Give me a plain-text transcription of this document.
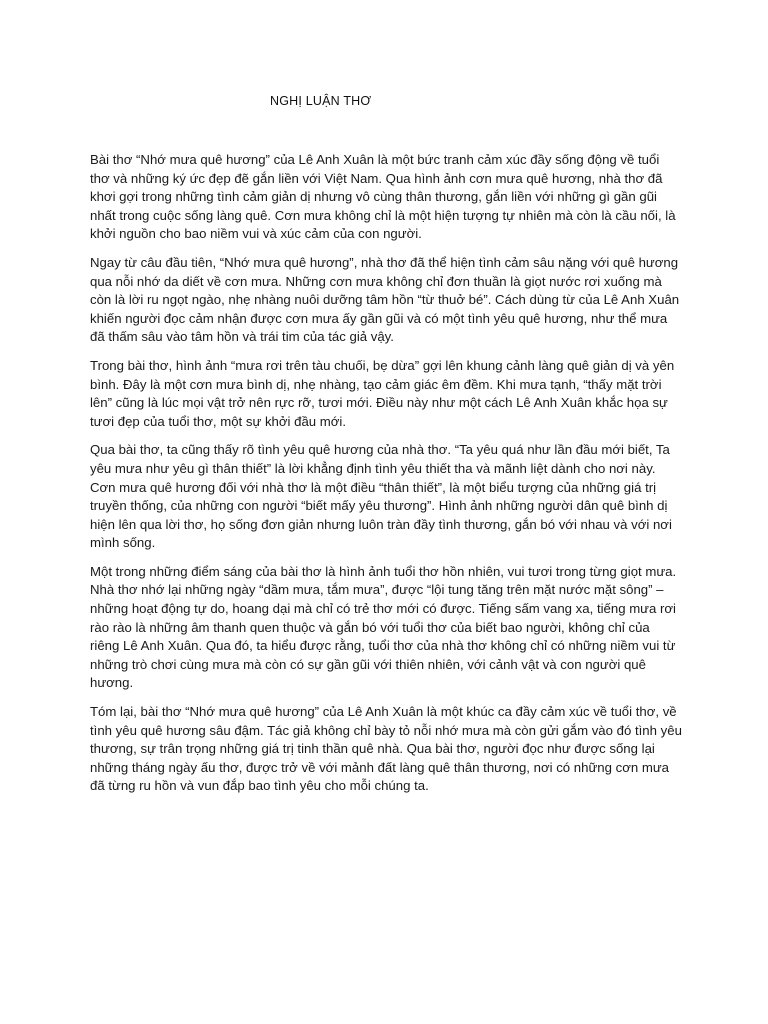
NGHỊ LUẬN THƠ

Bài thơ “Nhớ mưa quê hương” của Lê Anh Xuân là một bức tranh cảm xúc đầy sống động về tuổi thơ và những ký ức đẹp đẽ gắn liền với Việt Nam. Qua hình ảnh cơn mưa quê hương, nhà thơ đã khơi gợi trong những tình cảm giản dị nhưng vô cùng thân thương, gắn liền với những gì gần gũi nhất trong cuộc sống làng quê. Cơn mưa không chỉ là một hiện tượng tự nhiên mà còn là cầu nối, là khởi nguồn cho bao niềm vui và xúc cảm của con người.

Ngay từ câu đầu tiên, “Nhớ mưa quê hương”, nhà thơ đã thể hiện tình cảm sâu nặng với quê hương qua nỗi nhớ da diết về cơn mưa. Những cơn mưa không chỉ đơn thuần là giọt nước rơi xuống mà còn là lời ru ngọt ngào, nhẹ nhàng nuôi dưỡng tâm hồn “từ thuở bé”. Cách dùng từ của Lê Anh Xuân khiến người đọc cảm nhận được cơn mưa ấy gần gũi và có một tình yêu quê hương, như thể mưa đã thấm sâu vào tâm hồn và trái tim của tác giả vậy.

Trong bài thơ, hình ảnh “mưa rơi trên tàu chuối, bẹ dừa” gợi lên khung cảnh làng quê giản dị và yên bình. Đây là một cơn mưa bình dị, nhẹ nhàng, tạo cảm giác êm đềm. Khi mưa tạnh, “thấy mặt trời lên” cũng là lúc mọi vật trở nên rực rỡ, tươi mới. Điều này như một cách Lê Anh Xuân khắc họa sự tươi đẹp của tuổi thơ, một sự khởi đầu mới.

Qua bài thơ, ta cũng thấy rõ tình yêu quê hương của nhà thơ. “Ta yêu quá như lần đầu mới biết, Ta yêu mưa như yêu gì thân thiết” là lời khẳng định tình yêu thiết tha và mãnh liệt dành cho nơi này. Cơn mưa quê hương đối với nhà thơ là một điều “thân thiết”, là một biểu tượng của những giá trị truyền thống, của những con người “biết mấy yêu thương”. Hình ảnh những người dân quê bình dị hiện lên qua lời thơ, họ sống đơn giản nhưng luôn tràn đầy tình thương, gắn bó với nhau và với nơi mình sống.

Một trong những điểm sáng của bài thơ là hình ảnh tuổi thơ hồn nhiên, vui tươi trong từng giọt mưa. Nhà thơ nhớ lại những ngày “dầm mưa, tắm mưa”, được “lội tung tăng trên mặt nước mặt sông” – những hoạt động tự do, hoang dại mà chỉ có trẻ thơ mới có được. Tiếng sấm vang xa, tiếng mưa rơi rào rào là những âm thanh quen thuộc và gắn bó với tuổi thơ của biết bao người, không chỉ của riêng Lê Anh Xuân. Qua đó, ta hiểu được rằng, tuổi thơ của nhà thơ không chỉ có những niềm vui từ những trò chơi cùng mưa mà còn có sự gần gũi với thiên nhiên, với cảnh vật và con người quê hương.

Tóm lại, bài thơ “Nhớ mưa quê hương” của Lê Anh Xuân là một khúc ca đầy cảm xúc về tuổi thơ, về tình yêu quê hương sâu đậm. Tác giả không chỉ bày tỏ nỗi nhớ mưa mà còn gửi gắm vào đó tình yêu thương, sự trân trọng những giá trị tinh thần quê nhà. Qua bài thơ, người đọc như được sống lại những tháng ngày ấu thơ, được trở về với mảnh đất làng quê thân thương, nơi có những cơn mưa đã từng ru hồn và vun đắp bao tình yêu cho mỗi chúng ta.
